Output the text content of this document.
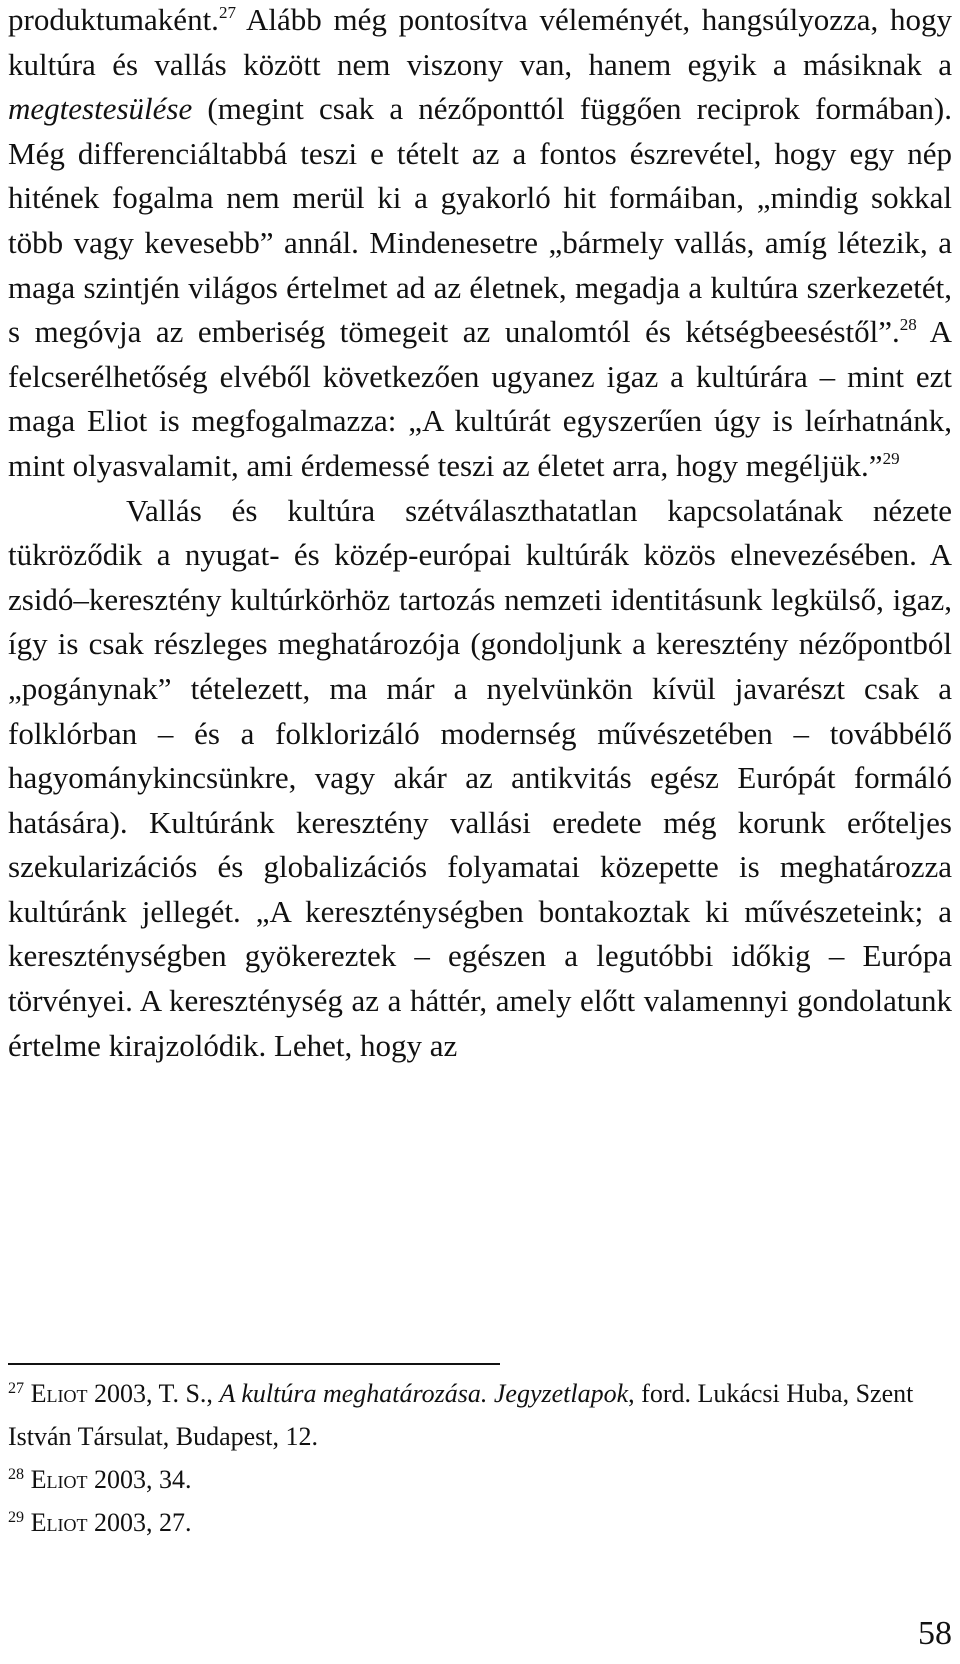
produktumaként.$^{27}$ Alább még pontosítva véleményét, hangsúlyozza, hogy kultúra és vallás között nem viszony van, hanem egyik a másiknak a megtestesülése (megint csak a nézőponttól függően reciprok formában). Még differenciáltabbá teszi e tételt az a fontos észrevétel, hogy egy nép hitének fogalma nem merül ki a gyakorló hit formáiban, „mindig sokkal több vagy kevesebb” annál. Mindenesetre „bármely vallás, amíg létezik, a maga szintjén világos értelmet ad az életnek, megadja a kultúra szerkezetét, s megóvja az emberiség tömegeit az unalomtól és kétségbeeséstől”.$^{28}$ A felcserélhetőség elvéből következően ugyanez igaz a kultúrára – mint ezt maga Eliot is megfogalmazza: „A kultúrát egyszerűen úgy is leírhatnánk, mint olyasvalamit, ami érdemessé teszi az életet arra, hogy megéljük.”$^{29}$

Vallás és kultúra szétválaszthatatlan kapcsolatának nézete tükröződik a nyugat- és közép-európai kultúrák közös elnevezésében. A zsidó–keresztény kultúrkörhöz tartozás nemzeti identitásunk legkülső, igaz, így is csak részleges meghatározója (gondoljunk a keresztény nézőpontból „pogánynak” tételezett, ma már a nyelvünkön kívül javarészt csak a folklórban – és a folklorizáló modernség művészetében – továbbélő hagyománykincsünkre, vagy akár az antikvitás egész Európát formáló hatására). Kultúránk keresztény vallási eredete még korunk erőteljes szekularizációs és globalizációs folyamatai közepette is meghatározza kultúránk jellegét. „A kereszténységben bontakoztak ki művészeteink; a kereszténységben gyökereztek – egészen a legutóbbi időkig – Európa törvényei. A kereszténység az a háttér, amely előtt valamennyi gondolatunk értelme kirajzolódik. Lehet, hogy az

$^{27}$ Eliot 2003, T. S., A kultúra meghatározása. Jegyzetlapok, ford. Lukácsi Huba, Szent István Társulat, Budapest, 12.

$^{28}$ Eliot 2003, 34.

$^{29}$ Eliot 2003, 27.

58
